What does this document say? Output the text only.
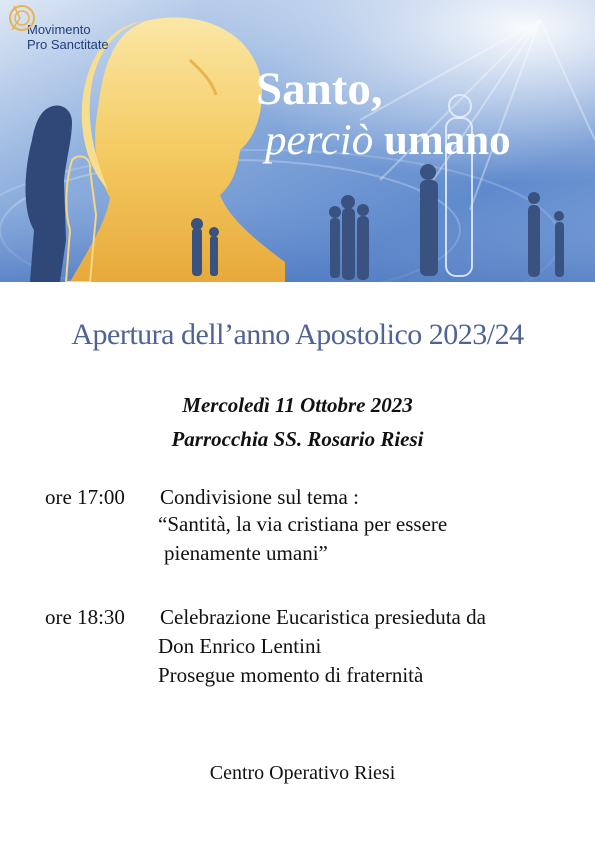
Movimento
Pro Sanctitate
Santo,
perciò umano
Apertura dell’anno Apostolico 2023/24
Mercoledì 11 Ottobre 2023
Parrocchia SS. Rosario Riesi
ore 17:00 Condivisione sul tema :
“Santità, la via cristiana per essere
pienamente umani”
ore 18:30 Celebrazione Eucaristica presieduta da
Don Enrico Lentini
Prosegue momento di fraternità
Centro Operativo Riesi
